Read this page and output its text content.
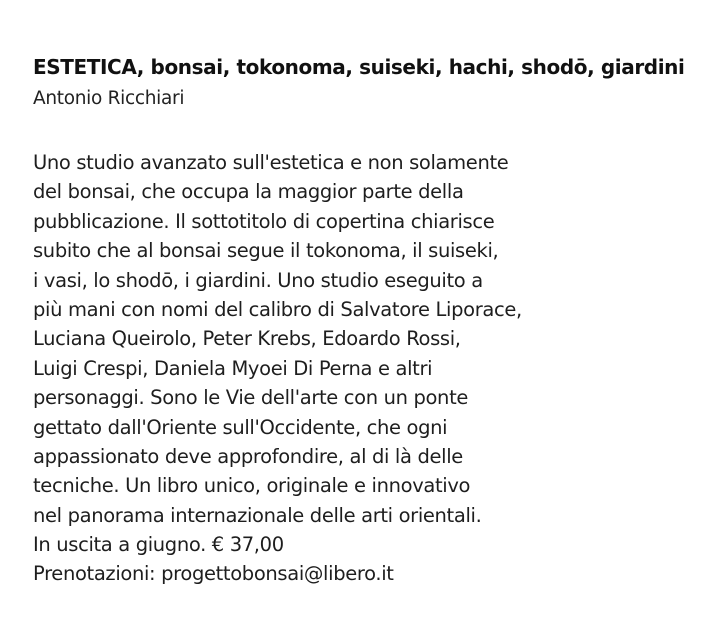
ESTETICA, bonsai, tokonoma, suiseki, hachi, shodō, giardini
Antonio Ricchiari
Uno studio avanzato sull'estetica e non solamente
del bonsai, che occupa la maggior parte della
pubblicazione. Il sottotitolo di copertina chiarisce
subito che al bonsai segue il tokonoma, il suiseki,
i vasi, lo shodō, i giardini. Uno studio eseguito a
più mani con nomi del calibro di Salvatore Liporace,
Luciana Queirolo, Peter Krebs, Edoardo Rossi,
Luigi Crespi, Daniela Myoei Di Perna e altri
personaggi. Sono le Vie dell'arte con un ponte
gettato dall'Oriente sull'Occidente, che ogni
appassionato deve approfondire, al di là delle
tecniche. Un libro unico, originale e innovativo
nel panorama internazionale delle arti orientali.
In uscita a giugno. € 37,00
Prenotazioni: progettobonsai@libero.it
